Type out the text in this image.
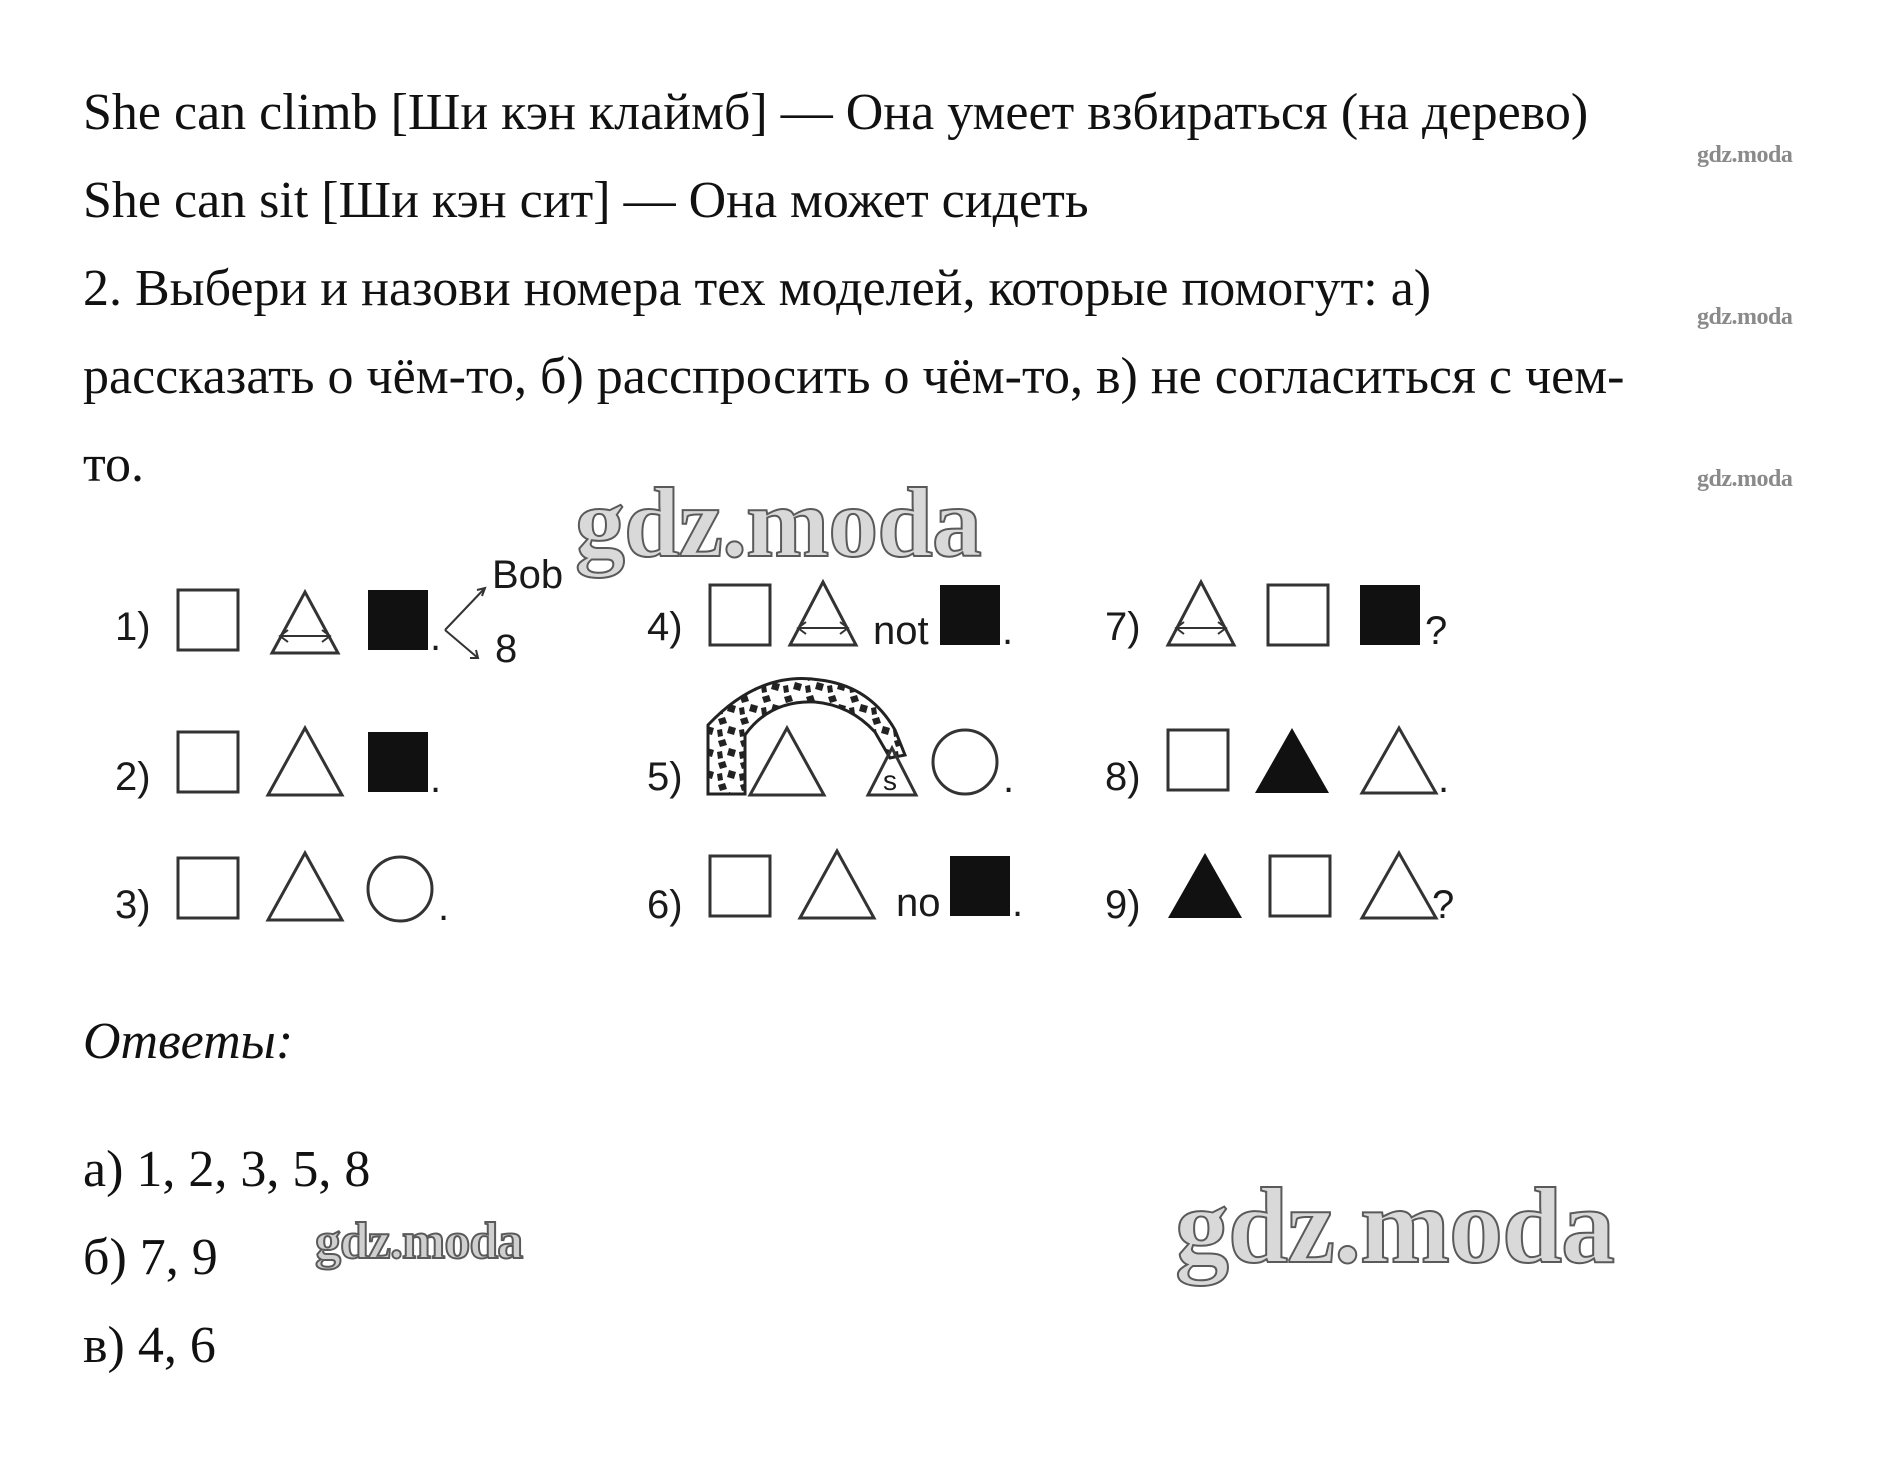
She can climb [Ши кэн клаймб] — Она умеет взбираться (на дерево)

She can sit [Ши кэн сит] — Она может сидеть

2. Выбери и назови номера тех моделей, которые помогут: а)

рассказать о чём-то, б) расспросить о чём-то, в) не согласиться с чем-

то.

gdz.moda
gdz.moda
gdz.moda
gdz.moda
1)	.
Bob
8	4)	not . 7)	?
2)	.	5)	s	. 8)	.
3)	.	6)	no . 9)	?

Ответы:

а) 1, 2, 3, 5, 8

б) 7, 9

в) 4, 6

gdz.moda	gdz.moda
